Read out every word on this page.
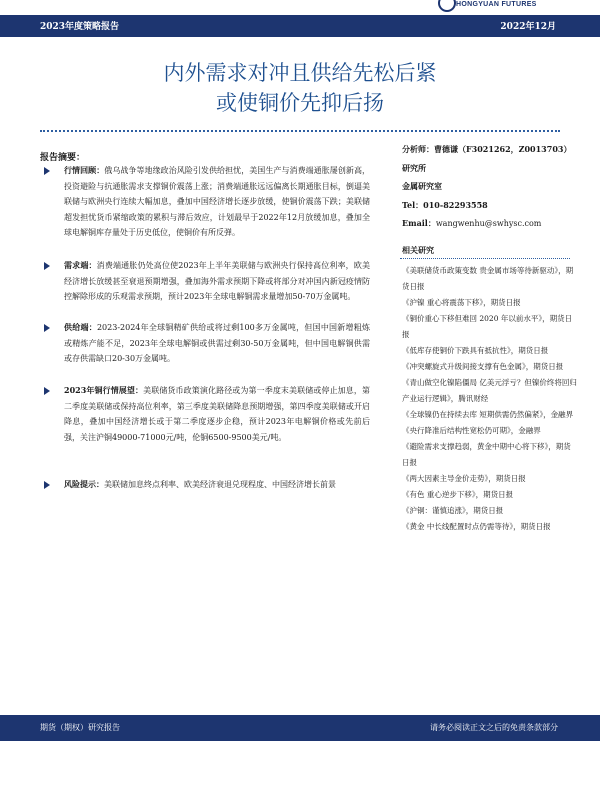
HONGYUAN FUTURES
2023年度策略报告	2022年12月
内外需求对冲且供给先松后紧
或使铜价先抑后扬
报告摘要：
行情回顾：俄乌战争等地缘政治风险引发供给担忧，美国生产与消费端通胀屡创新高，投资避险与抗通胀需求支撑铜价震荡上涨；消费端通胀远远偏离长期通胀目标，倒逼美联储与欧洲央行连续大幅加息，叠加中国经济增长逐步放缓，使铜价震荡下跌；美联储超发担忧货币紧缩政策的累积与滞后效应，计划最早于2022年12月放缓加息，叠加全球电解铜库存量处于历史低位，使铜价有所反弹。
需求端：消费端通胀仍处高位使2023年上半年美联储与欧洲央行保持高位利率，欧美经济增长放缓甚至衰退预期增强，叠加海外需求预期下降或将部分对冲国内新冠疫情防控解除形成的乐观需求预期，预计2023年全球电解铜需求量增加50-70万金属吨。
供给端：2023-2024年全球铜精矿供给或将过剩100多万金属吨，但国中国新增粗炼或精炼产能不足，2023年全球电解铜或供需过剩30-50万金属吨，但中国电解铜供需或存供需缺口20-30万金属吨。
2023年铜行情展望：美联储货币政策演化路径或为第一季度末美联储或停止加息，第二季度美联储或保持高位利率，第三季度美联储降息预期增强，第四季度美联储或开启降息，叠加中国经济增长或于第二季度逐步企稳，预计2023年电解铜价格或先前后强，关注沪铜49000-71000元/吨，伦铜6500-9500美元/吨。
风险提示：美联储加息终点利率、欧美经济衰退兑现程度、中国经济增长前景
分析师：曹德谦（F3021262，Z0013703）
研究所
金属研究室
Tel：010-82293558
Email：wangwenhu@swhysc.com
相关研究
《美联储货币政策变数 贵金属市场等待新驱动》，期货日报
《沪镍 重心将震荡下移》，期货日报
《铜价重心下移但难回 2020 年以前水平》，期货日报
《低库存使铜价下跌具有抵抗性》，期货日报
《冲突螺旋式升级间接支撑有色金属》，期货日报
《青山做空化镍陷僵局 亿美元浮亏？但镍价终将回归产业运行逻辑》，腾讯财经
《全球镍仍在持续去库 短期供需仍然偏紧》，金融界
《央行降准后结构性宽松仍可期》，金融界
《避险需求支撑趋弱，黄金中期中心将下移》，期货日报
《两大因素主导金价走势》，期货日报
《有色 重心逆步下移》，期货日报
《沪铜：谨慎追涨》，期货日报
《黄金 中长线配置时点仍需等待》，期货日报
期货（期权）研究报告	请务必阅读正文之后的免责条款部分
